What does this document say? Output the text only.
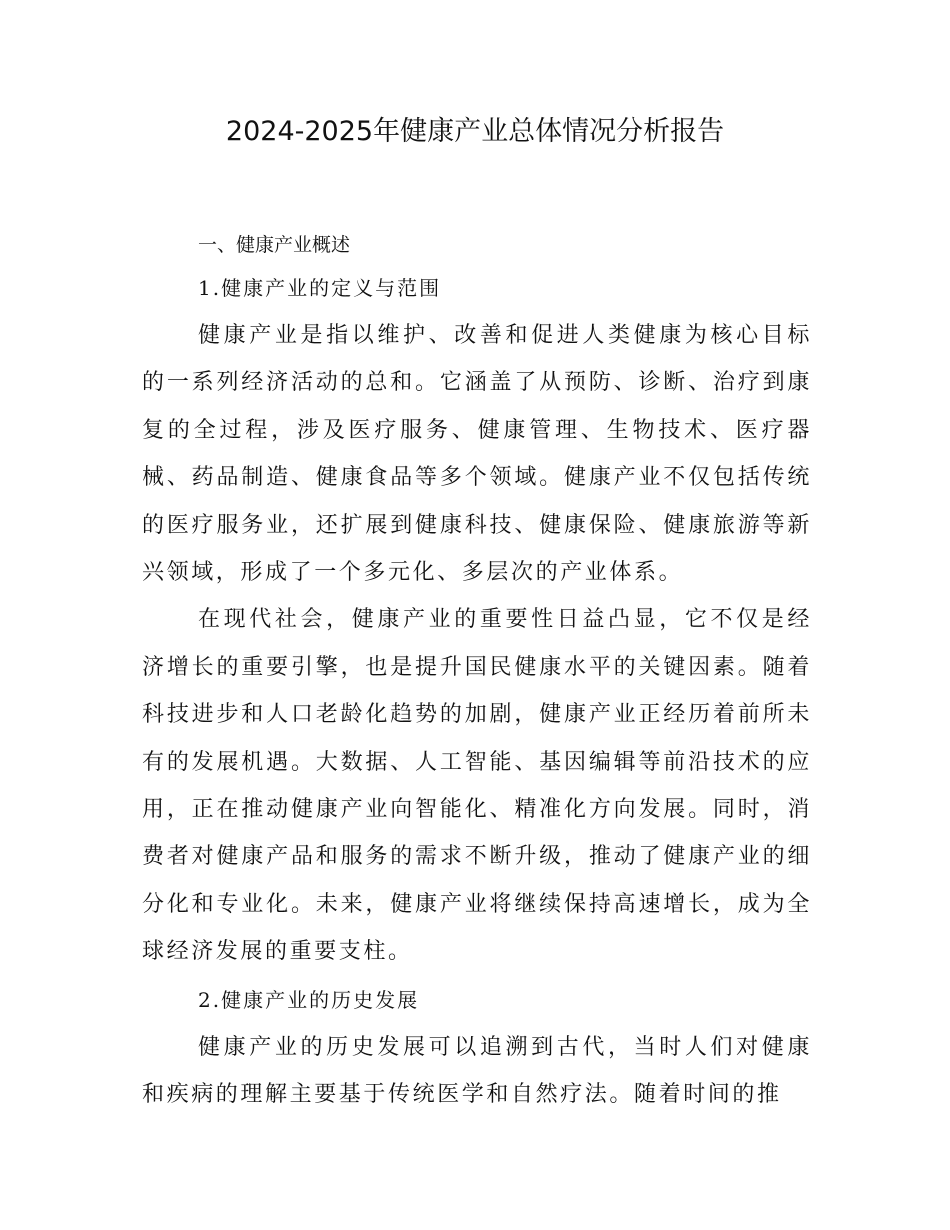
2024-2025年健康产业总体情况分析报告
一、健康产业概述
1.健康产业的定义与范围

健康产业是指以维护、改善和促进人类健康为核心目标的一系列经济活动的总和。它涵盖了从预防、诊断、治疗到康复的全过程，涉及医疗服务、健康管理、生物技术、医疗器械、药品制造、健康食品等多个领域。健康产业不仅包括传统的医疗服务业，还扩展到健康科技、健康保险、健康旅游等新兴领域，形成了一个多元化、多层次的产业体系。

在现代社会，健康产业的重要性日益凸显，它不仅是经济增长的重要引擎，也是提升国民健康水平的关键因素。随着科技进步和人口老龄化趋势的加剧，健康产业正经历着前所未有的发展机遇。大数据、人工智能、基因编辑等前沿技术的应用，正在推动健康产业向智能化、精准化方向发展。同时，消费者对健康产品和服务的需求不断升级，推动了健康产业的细分化和专业化。未来，健康产业将继续保持高速增长，成为全球经济发展的重要支柱。

2.健康产业的历史发展

健康产业的历史发展可以追溯到古代，当时人们对健康和疾病的理解主要基于传统医学和自然疗法。随着时间的推
